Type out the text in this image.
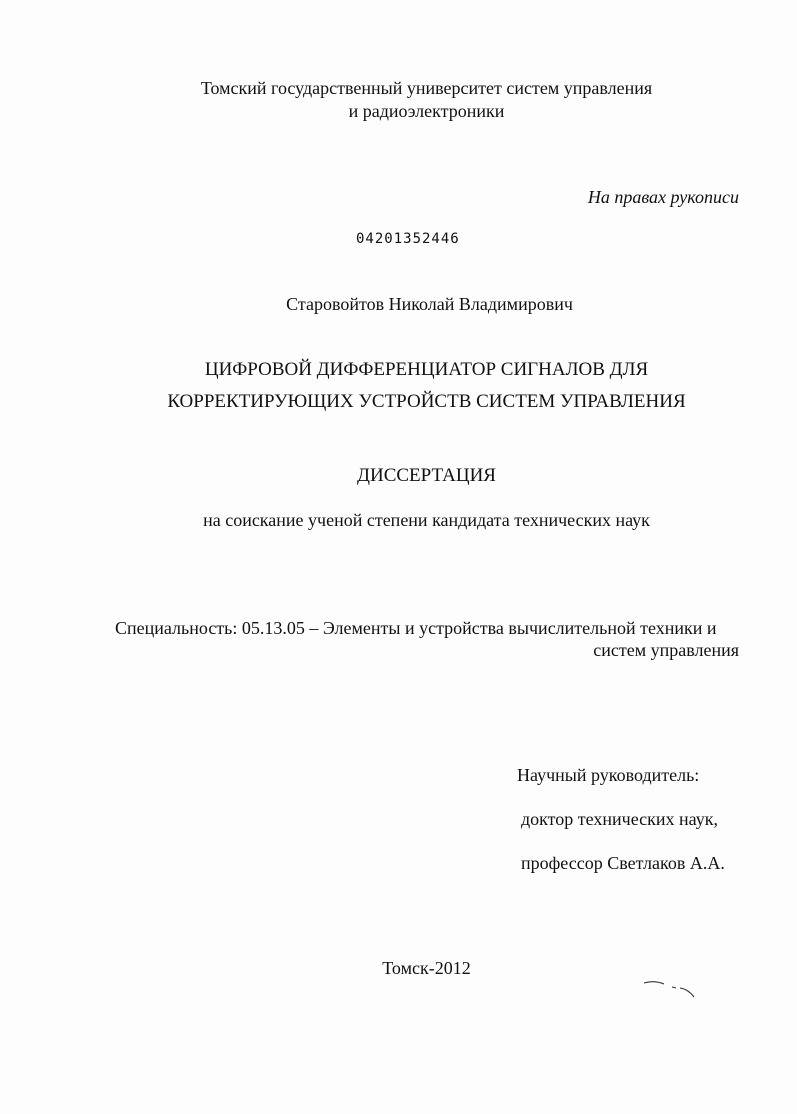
Томский государственный университет систем управления
и радиоэлектроники
На правах рукописи
04201352446
Старовойтов Николай Владимирович
ЦИФРОВОЙ ДИФФЕРЕНЦИАТОР СИГНАЛОВ ДЛЯ
КОРРЕКТИРУЮЩИХ УСТРОЙСТВ СИСТЕМ УПРАВЛЕНИЯ
ДИССЕРТАЦИЯ
на соискание ученой степени кандидата технических наук
Специальность: 05.13.05 – Элементы и устройства вычислительной техники и
систем управления
Научный руководитель:
доктор технических наук,
профессор Светлаков А.А.
Томск-2012
